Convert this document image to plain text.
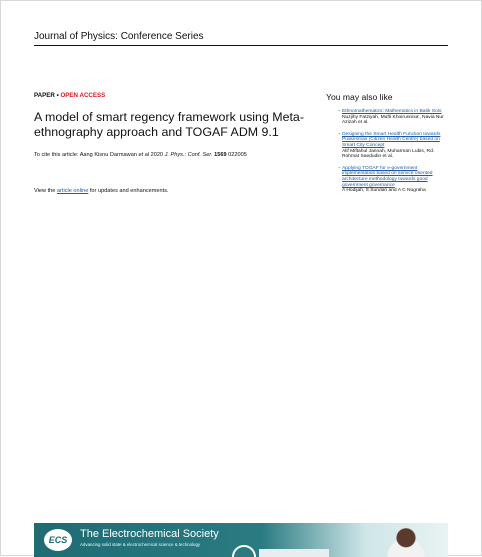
Journal of Physics: Conference Series
PAPER • OPEN ACCESS
A model of smart regency framework using Meta-ethnography approach and TOGAF ADM 9.1
To cite this article: Aang Kisnu Darmawan et al 2020 J. Phys.: Conf. Ser. 1569 022005
View the article online for updates and enhancements.
You may also like
- Ethnomathematics: Mathematics in Batik Solo
Nuzjihy Fatziyah, Mufti Khoirunnisa', Navia Nur Azizah et al.
- Designing the Smart Health Function towards Puskesmas (Citizen Health Centre) based on Smart City Concept
Alif Miftahul Jannah, Muharman Lubis, Rd. Rohmat Saedudin et al.
- Applying TOGAF for e-government implementation based on service oriented architecture methodology towards good government governance
A Hodijah, S Sundari and A C Nugraha
ECS The Electrochemical Society
Advancing solid state & electrochemical science & technology
